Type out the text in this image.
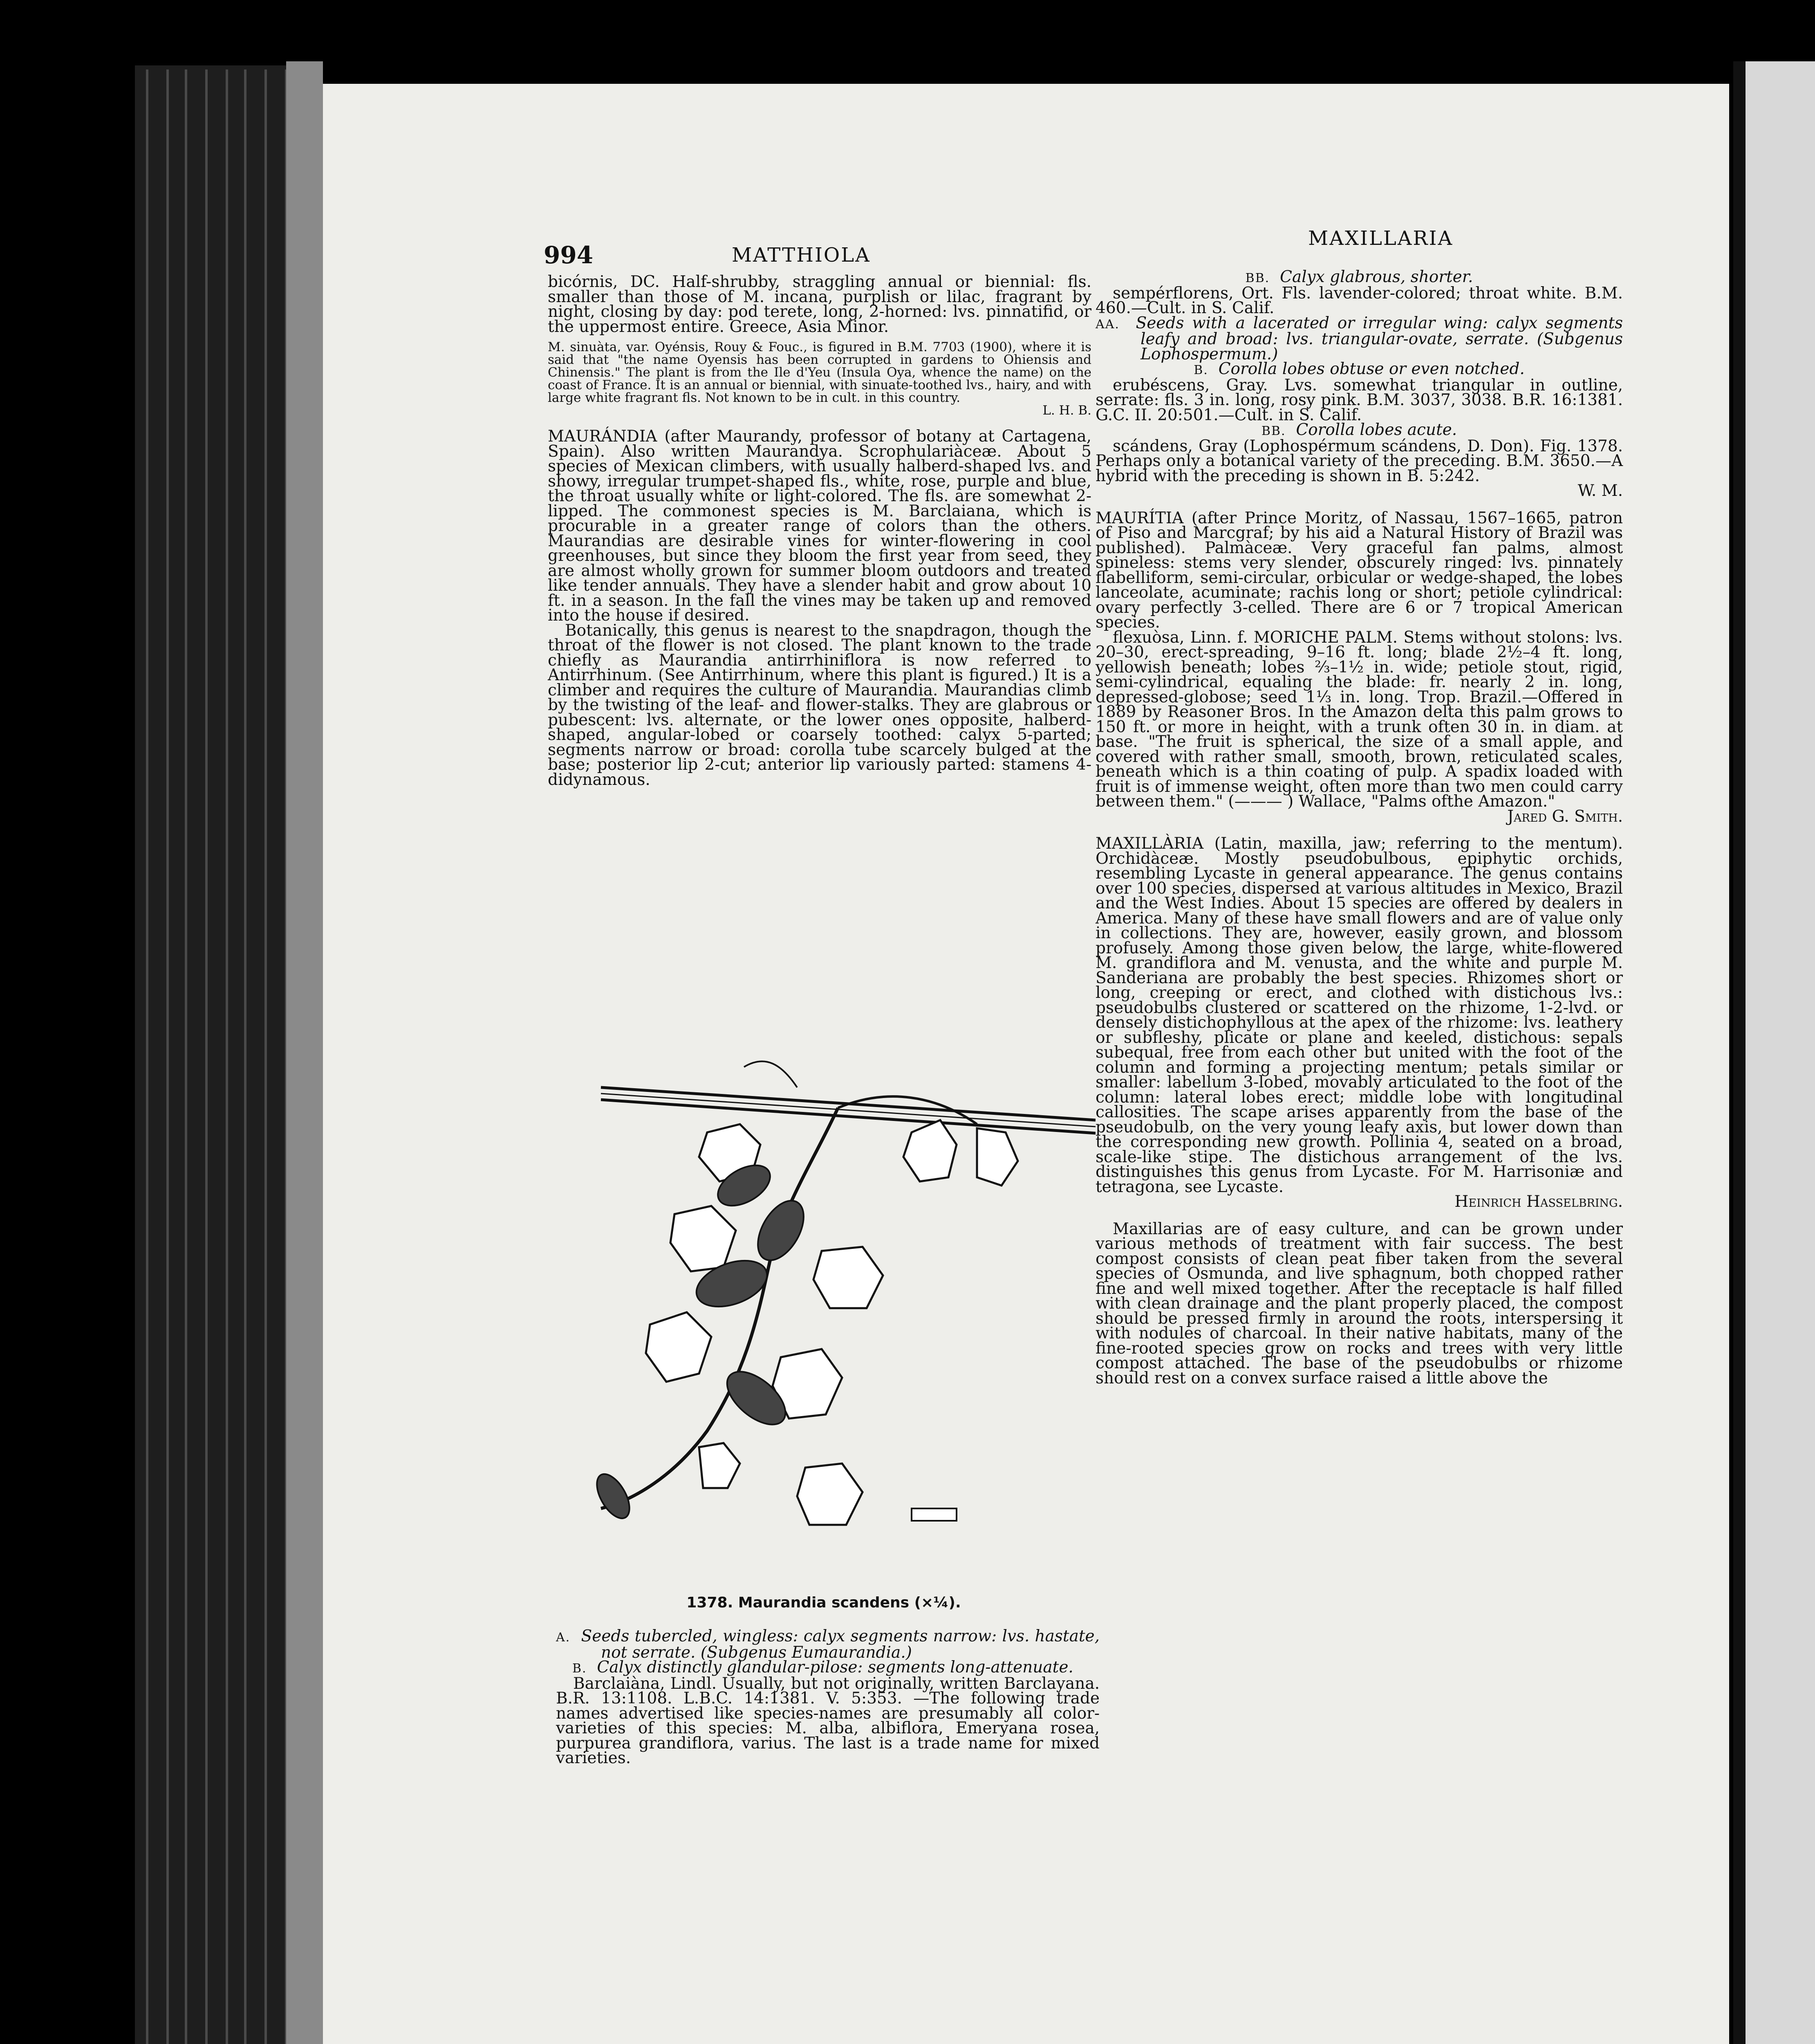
994	MATTHIOLA
MAXILLARIA

bicórnis, DC. Half-shrubby, straggling annual or biennial: fls. smaller than those of M. incana, purplish or lilac, fragrant by night, closing by day: pod terete, long, 2-horned: lvs. pinnatifid, or the uppermost entire. Greece, Asia Minor.

M. sinuàta, var. Oyénsis, Rouy & Fouc., is figured in B.M. 7703 (1900), where it is said that "the name Oyensis has been corrupted in gardens to Ohiensis and Chinensis." The plant is from the Ile d'Yeu (Insula Oya, whence the name) on the coast of France. It is an annual or biennial, with sinuate-toothed lvs., hairy, and with large white fragrant fls. Not known to be in cult. in this country.

L. H. B.

MAURÁNDIA (after Maurandy, professor of botany at Cartagena, Spain). Also written Maurandya. Scrophulariàceæ. About 5 species of Mexican climbers, with usually halberd-shaped lvs. and showy, irregular trumpet-shaped fls., white, rose, purple and blue, the throat usually white or light-colored. The fls. are somewhat 2-lipped. The commonest species is M. Barclaiana, which is procurable in a greater range of colors than the others. Maurandias are desirable vines for winter-flowering in cool greenhouses, but since they bloom the first year from seed, they are almost wholly grown for summer bloom outdoors and treated like tender annuals. They have a slender habit and grow about 10 ft. in a season. In the fall the vines may be taken up and removed into the house if desired.

Botanically, this genus is nearest to the snapdragon, though the throat of the flower is not closed. The plant known to the trade chiefly as Maurandia antirrhiniflora is now referred to Antirrhinum. (See Antirrhinum, where this plant is figured.) It is a climber and requires the culture of Maurandia. Maurandias climb by the twisting of the leaf- and flower-stalks. They are glabrous or pubescent: lvs. alternate, or the lower ones opposite, halberd-shaped, angular-lobed or coarsely toothed: calyx 5-parted; segments narrow or broad: corolla tube scarcely bulged at the base; posterior lip 2-cut; anterior lip variously parted: stamens 4-didynamous.

1378. Maurandia scandens (×¼).

A. Seeds tubercled, wingless: calyx segments narrow: lvs. hastate, not serrate. (Subgenus Eumaurandia.)

B. Calyx distinctly glandular-pilose: segments long-attenuate.

Barclaiàna, Lindl. Usually, but not originally, written Barclayana. B.R. 13:1108. L.B.C. 14:1381. V. 5:353. —The following trade names advertised like species-names are presumably all color-varieties of this species: M. alba, albiflora, Emeryana rosea, purpurea grandiflora, varius. The last is a trade name for mixed varieties.

BB. Calyx glabrous, shorter.

sempérflorens, Ort. Fls. lavender-colored; throat white. B.M. 460.—Cult. in S. Calif.

AA. Seeds with a lacerated or irregular wing: calyx segments leafy and broad: lvs. triangular-ovate, serrate. (Subgenus Lophospermum.)

B. Corolla lobes obtuse or even notched.

erubéscens, Gray. Lvs. somewhat triangular in outline, serrate: fls. 3 in. long, rosy pink. B.M. 3037, 3038. B.R. 16:1381. G.C. II. 20:501.—Cult. in S. Calif.

BB. Corolla lobes acute.

scándens, Gray (Lophospérmum scándens, D. Don). Fig. 1378. Perhaps only a botanical variety of the preceding. B.M. 3650.—A hybrid with the preceding is shown in B. 5:242.

W. M.

MAURÍTIA (after Prince Moritz, of Nassau, 1567–1665, patron of Piso and Marcgraf; by his aid a Natural History of Brazil was published). Palmàceæ. Very graceful fan palms, almost spineless: stems very slender, obscurely ringed: lvs. pinnately flabelliform, semi-circular, orbicular or wedge-shaped, the lobes lanceolate, acuminate; rachis long or short; petiole cylindrical: ovary perfectly 3-celled. There are 6 or 7 tropical American species.

flexuòsa, Linn. f. MORICHE PALM. Stems without stolons: lvs. 20–30, erect-spreading, 9–16 ft. long; blade 2½–4 ft. long, yellowish beneath; lobes ⅔–1½ in. wide; petiole stout, rigid, semi-cylindrical, equaling the blade: fr. nearly 2 in. long, depressed-globose; seed 1⅓ in. long. Trop. Brazil.—Offered in 1889 by Reasoner Bros. In the Amazon delta this palm grows to 150 ft. or more in height, with a trunk often 30 in. in diam. at base. "The fruit is spherical, the size of a small apple, and covered with rather small, smooth, brown, reticulated scales, beneath which is a thin coating of pulp. A spadix loaded with fruit is of immense weight, often more than two men could carry between them." (——— ) Wallace, "Palms ofthe Amazon."

Jared G. Smith.

MAXILLÀRIA (Latin, maxilla, jaw; referring to the mentum). Orchidàceæ. Mostly pseudobulbous, epiphytic orchids, resembling Lycaste in general appearance. The genus contains over 100 species, dispersed at various altitudes in Mexico, Brazil and the West Indies. About 15 species are offered by dealers in America. Many of these have small flowers and are of value only in collections. They are, however, easily grown, and blossom profusely. Among those given below, the large, white-flowered M. grandiflora and M. venusta, and the white and purple M. Sanderiana are probably the best species. Rhizomes short or long, creeping or erect, and clothed with distichous lvs.: pseudobulbs clustered or scattered on the rhizome, 1-2-lvd. or densely distichophyllous at the apex of the rhizome: lvs. leathery or subfleshy, plicate or plane and keeled, distichous: sepals subequal, free from each other but united with the foot of the column and forming a projecting mentum; petals similar or smaller: labellum 3-lobed, movably articulated to the foot of the column: lateral lobes erect; middle lobe with longitudinal callosities. The scape arises apparently from the base of the pseudobulb, on the very young leafy axis, but lower down than the corresponding new growth. Pollinia 4, seated on a broad, scale-like stipe. The distichous arrangement of the lvs. distinguishes this genus from Lycaste. For M. Harrisoniæ and tetragona, see Lycaste.

Heinrich Hasselbring.

Maxillarias are of easy culture, and can be grown under various methods of treatment with fair success. The best compost consists of clean peat fiber taken from the several species of Osmunda, and live sphagnum, both chopped rather fine and well mixed together. After the receptacle is half filled with clean drainage and the plant properly placed, the compost should be pressed firmly in around the roots, interspersing it with nodules of charcoal. In their native habitats, many of the fine-rooted species grow on rocks and trees with very little compost attached. The base of the pseudobulbs or rhizome should rest on a convex surface raised a little above the
